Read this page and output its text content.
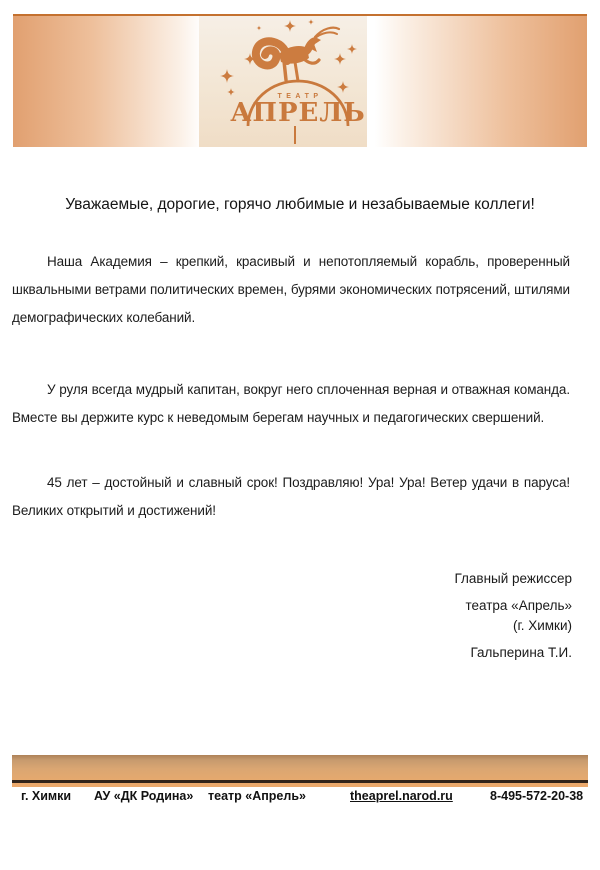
ТЕАТР
АПРЕЛЬ
Уважаемые, дорогие, горячо любимые и незабываемые коллеги!
Наша Академия – крепкий, красивый и непотопляемый корабль, проверенный
шквальными ветрами политических времен, бурями экономических потрясений, штилями
демографических колебаний.
У руля всегда мудрый капитан, вокруг него сплоченная верная и отважная команда.
Вместе вы держите курс к неведомым берегам научных и педагогических свершений.
45 лет – достойный и славный срок! Поздравляю! Ура! Ура! Ветер удачи в паруса!
Великих открытий и достижений!
Главный режиссер
театра «Апрель»
(г. Химки)
Гальперина Т.И.
г. Химки АУ «ДК Родина» театр «Апрель»	theaprel.narod.ru	8-495-572-20-38
